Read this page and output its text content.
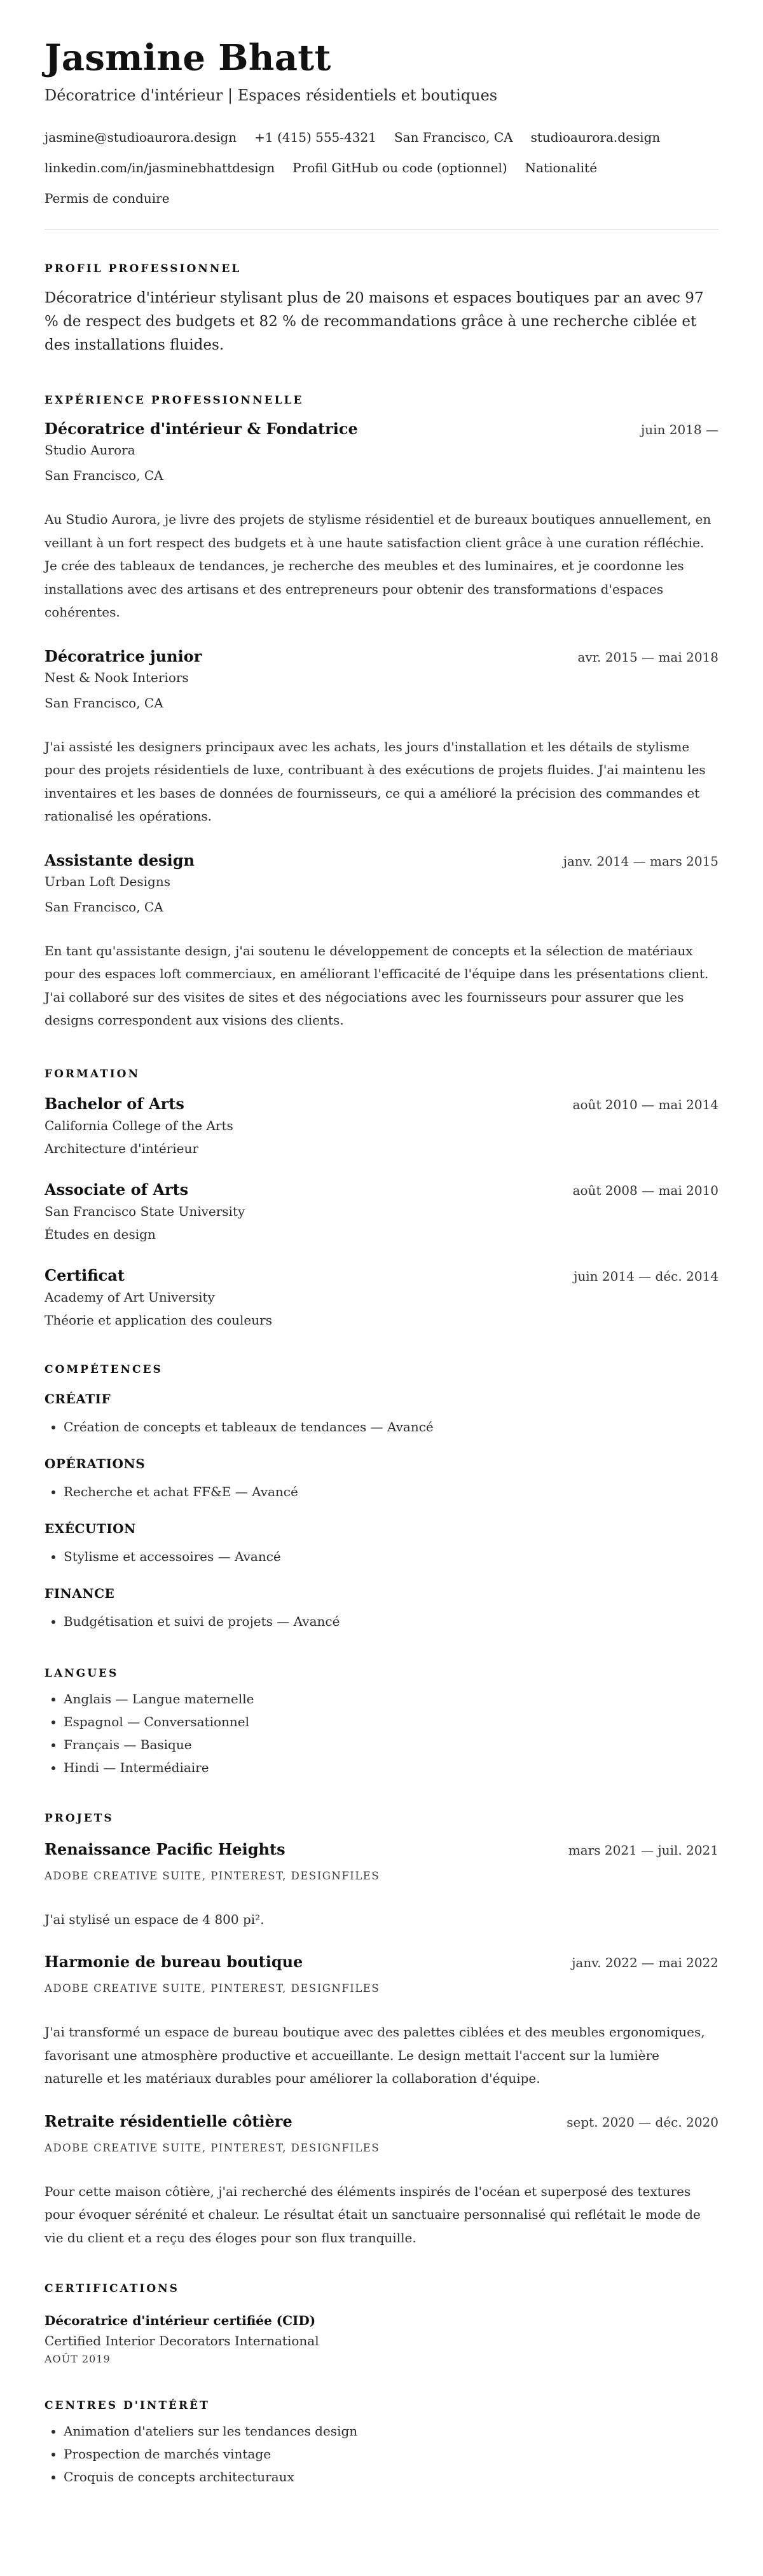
Jasmine Bhatt
Décoratrice d'intérieur | Espaces résidentiels et boutiques
jasmine@studioaurora.design +1 (415) 555-4321 San Francisco, CA studioaurora.design
linkedin.com/in/jasminebhattdesign Profil GitHub ou code (optionnel) Nationalité
Permis de conduire
PROFIL PROFESSIONNEL
Décoratrice d'intérieur stylisant plus de 20 maisons et espaces boutiques par an avec 97 % de respect des budgets et 82 % de recommandations grâce à une recherche ciblée et des installations fluides.
EXPÉRIENCE PROFESSIONNELLE
Décoratrice d'intérieur & Fondatrice	juin 2018 —
Studio Aurora
San Francisco, CA
Au Studio Aurora, je livre des projets de stylisme résidentiel et de bureaux boutiques annuellement, en veillant à un fort respect des budgets et à une haute satisfaction client grâce à une curation réfléchie. Je crée des tableaux de tendances, je recherche des meubles et des luminaires, et je coordonne les installations avec des artisans et des entrepreneurs pour obtenir des transformations d'espaces cohérentes.
Décoratrice junior	avr. 2015 — mai 2018
Nest & Nook Interiors
San Francisco, CA
J'ai assisté les designers principaux avec les achats, les jours d'installation et les détails de stylisme pour des projets résidentiels de luxe, contribuant à des exécutions de projets fluides. J'ai maintenu les inventaires et les bases de données de fournisseurs, ce qui a amélioré la précision des commandes et rationalisé les opérations.
Assistante design	janv. 2014 — mars 2015
Urban Loft Designs
San Francisco, CA
En tant qu'assistante design, j'ai soutenu le développement de concepts et la sélection de matériaux pour des espaces loft commerciaux, en améliorant l'efficacité de l'équipe dans les présentations client. J'ai collaboré sur des visites de sites et des négociations avec les fournisseurs pour assurer que les designs correspondent aux visions des clients.
FORMATION
Bachelor of Arts	août 2010 — mai 2014
California College of the Arts
Architecture d'intérieur
Associate of Arts	août 2008 — mai 2010
San Francisco State University
Études en design
Certificat	juin 2014 — déc. 2014
Academy of Art University
Théorie et application des couleurs
COMPÉTENCES
CRÉATIF
• Création de concepts et tableaux de tendances — Avancé
OPÉRATIONS
• Recherche et achat FF&E — Avancé
EXÉCUTION
• Stylisme et accessoires — Avancé
FINANCE
• Budgétisation et suivi de projets — Avancé
LANGUES
• Anglais — Langue maternelle
• Espagnol — Conversationnel
• Français — Basique
• Hindi — Intermédiaire
PROJETS
Renaissance Pacific Heights	mars 2021 — juil. 2021
ADOBE CREATIVE SUITE, PINTEREST, DESIGNFILES
J'ai stylisé un espace de 4 800 pi².
Harmonie de bureau boutique	janv. 2022 — mai 2022
ADOBE CREATIVE SUITE, PINTEREST, DESIGNFILES
J'ai transformé un espace de bureau boutique avec des palettes ciblées et des meubles ergonomiques, favorisant une atmosphère productive et accueillante. Le design mettait l'accent sur la lumière naturelle et les matériaux durables pour améliorer la collaboration d'équipe.
Retraite résidentielle côtière	sept. 2020 — déc. 2020
ADOBE CREATIVE SUITE, PINTEREST, DESIGNFILES
Pour cette maison côtière, j'ai recherché des éléments inspirés de l'océan et superposé des textures pour évoquer sérénité et chaleur. Le résultat était un sanctuaire personnalisé qui reflétait le mode de vie du client et a reçu des éloges pour son flux tranquille.
CERTIFICATIONS
Décoratrice d'intérieur certifiée (CID)
Certified Interior Decorators International
AOÛT 2019
CENTRES D'INTÉRÊT
• Animation d'ateliers sur les tendances design
• Prospection de marchés vintage
• Croquis de concepts architecturaux
